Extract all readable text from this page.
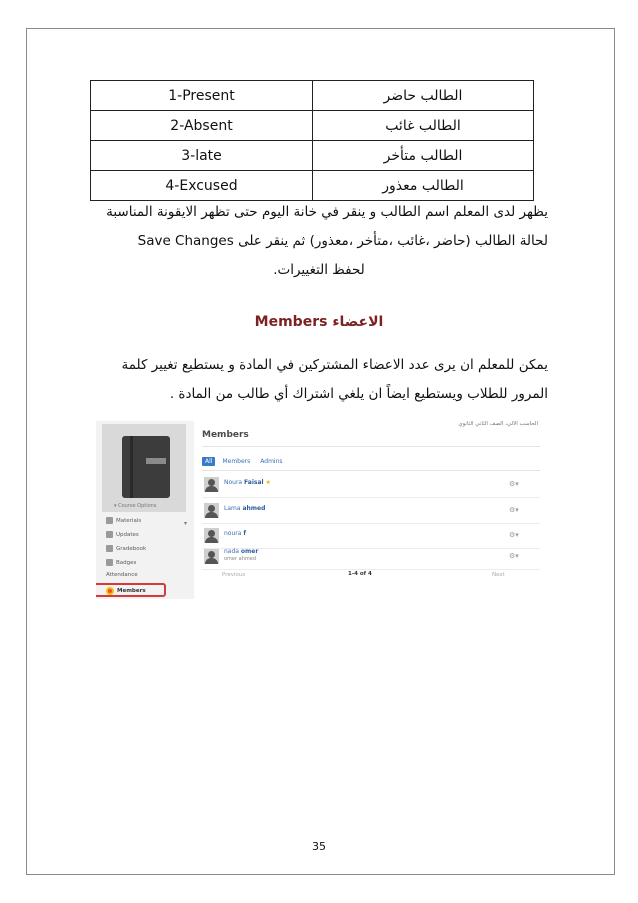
1-Present	الطالب حاضر
2-Absent	الطالب غائب
3-late	الطالب متأخر
4-Excused	الطالب معذور
يظهر لدى المعلم اسم الطالب و ينقر في خانة اليوم حتى تظهر الايقونة المناسبة
لحالة الطالب (حاضر ،غائب ،متأخر ،معذور) ثم ينقر على Save Changes
لحفظ التغييرات.
الاعضاء Members
يمكن للمعلم ان يرى عدد الاعضاء المشتركين في المادة و يستطيع تغيير كلمة
المرور للطلاب ويستطيع ايضاً ان يلغي اشتراك أي طالب من المادة .
▾ Course Options
▾
Materials
Updates
Gradebook
Badges
Attendance
Members
الحاسب الآلي، الصف الثاني الثانوي
Members
All	Members	Admins
Noura Faisal ★	⚙▾
Lama ahmed	⚙▾
noura f	⚙▾
nada omer
omer ahmed	⚙▾
Previous	1-4 of 4	Next
35
